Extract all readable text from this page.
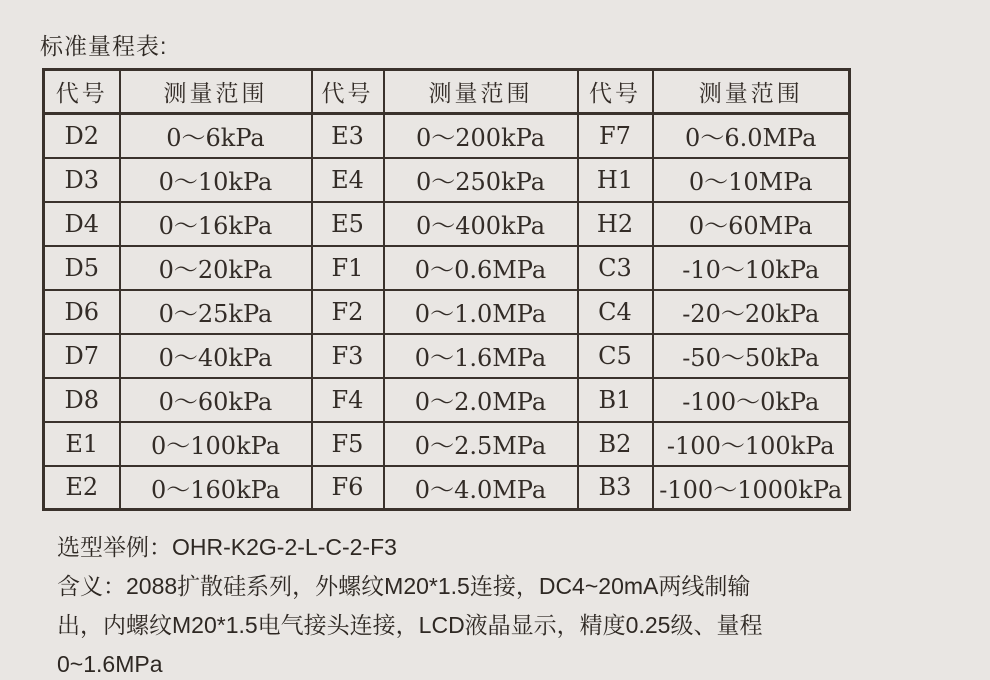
标准量程表:
代号	测量范围	代号	测量范围	代号	测量范围
D2	0～6kPa	E3	0～200kPa	F7	0～6.0MPa
D3	0～10kPa	E4	0～250kPa	H1	0～10MPa
D4	0～16kPa	E5	0～400kPa	H2	0～60MPa
D5	0～20kPa	F1	0～0.6MPa	C3	-10～10kPa
D6	0～25kPa	F2	0～1.0MPa	C4	-20～20kPa
D7	0～40kPa	F3	0～1.6MPa	C5	-50～50kPa
D8	0～60kPa	F4	0～2.0MPa	B1	-100～0kPa
E1	0～100kPa	F5	0～2.5MPa	B2	-100～100kPa
E2	0～160kPa	F6	0～4.0MPa	B3	-100～1000kPa
选型举例：OHR-K2G-2-L-C-2-F3
含义：2088扩散硅系列，外螺纹M20*1.5连接，DC4~20mA两线制输
出，内螺纹M20*1.5电气接头连接，LCD液晶显示，精度0.25级、量程
0~1.6MPa
